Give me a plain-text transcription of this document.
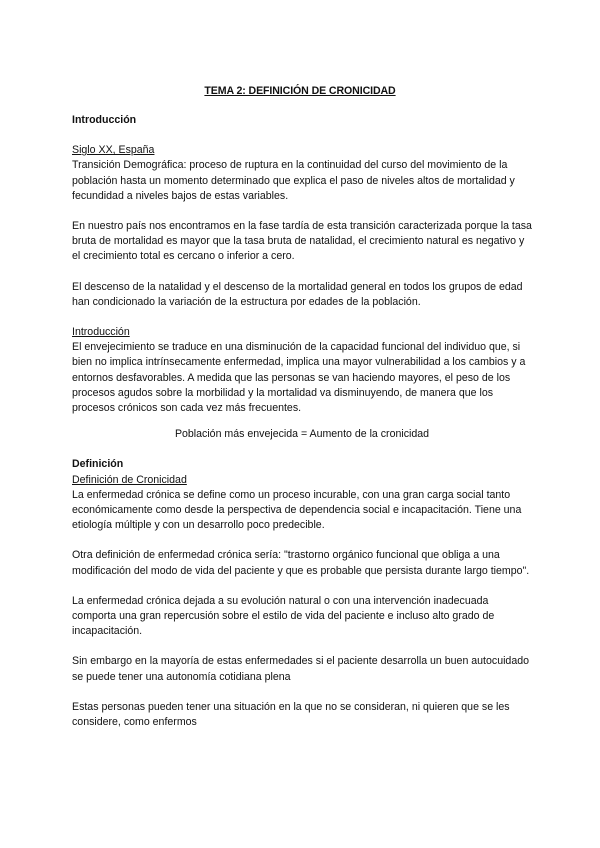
TEMA 2: DEFINICIÓN DE CRONICIDAD

Introducción

Siglo XX, España

Transición Demográfica: proceso de ruptura en la continuidad del curso del movimiento de la población hasta un momento determinado que explica el paso de niveles altos de mortalidad y fecundidad a niveles bajos de estas variables.

En nuestro país nos encontramos en la fase tardía de esta transición caracterizada porque la tasa bruta de mortalidad es mayor que la tasa bruta de natalidad, el crecimiento natural es negativo y el crecimiento total es cercano o inferior a cero.

El descenso de la natalidad y el descenso de la mortalidad general en todos los grupos de edad han condicionado la variación de la estructura por edades de la población.

Introducción

El envejecimiento se traduce en una disminución de la capacidad funcional del individuo que, si bien no implica intrínsecamente enfermedad, implica una mayor vulnerabilidad a los cambios y a entornos desfavorables. A medida que las personas se van haciendo mayores, el peso de los procesos agudos sobre la morbilidad y la mortalidad va disminuyendo, de manera que los procesos crónicos son cada vez más frecuentes.

Población más envejecida = Aumento de la cronicidad

Definición

Definición de Cronicidad

La enfermedad crónica se define como un proceso incurable, con una gran carga social tanto económicamente como desde la perspectiva de dependencia social e incapacitación. Tiene una etiología múltiple y con un desarrollo poco predecible.

Otra definición de enfermedad crónica sería: "trastorno orgánico funcional que obliga a una modificación del modo de vida del paciente y que es probable que persista durante largo tiempo".

La enfermedad crónica dejada a su evolución natural o con una intervención inadecuada comporta una gran repercusión sobre el estilo de vida del paciente e incluso alto grado de incapacitación.

Sin embargo en la mayoría de estas enfermedades si el paciente desarrolla un buen autocuidado se puede tener una autonomía cotidiana plena

Estas personas pueden tener una situación en la que no se consideran, ni quieren que se les considere, como enfermos
